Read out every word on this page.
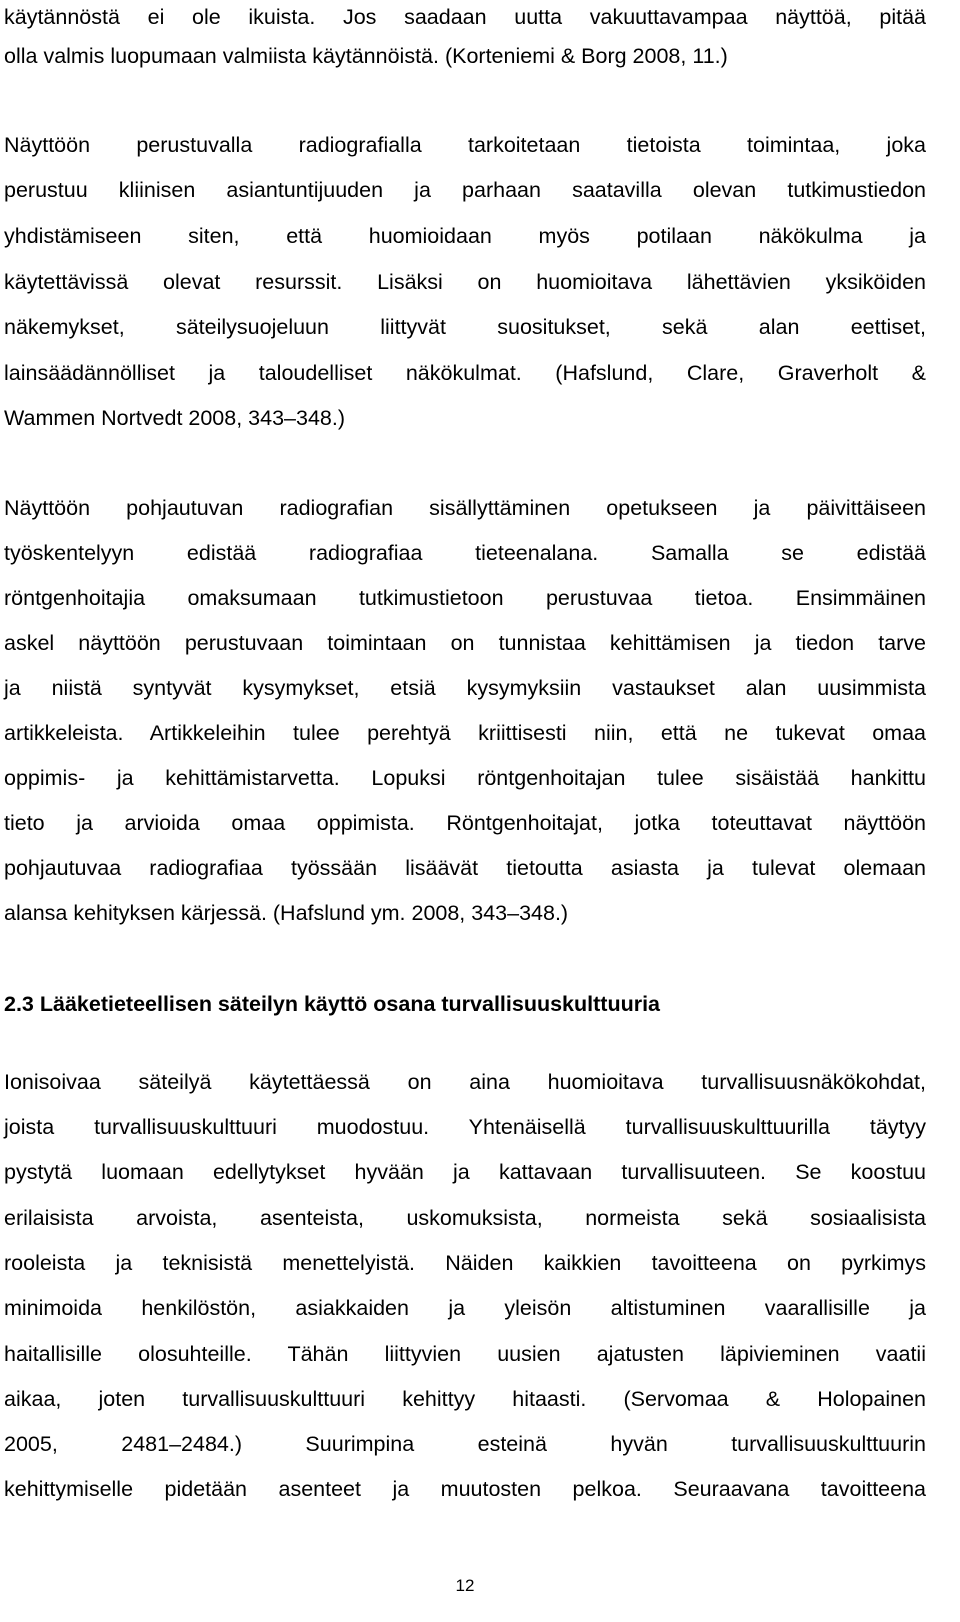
käytännöstä ei ole ikuista. Jos saadaan uutta vakuuttavampaa näyttöä, pitää
olla valmis luopumaan valmiista käytännöistä. (Korteniemi & Borg 2008, 11.)
Näyttöön perustuvalla radiografialla tarkoitetaan tietoista toimintaa, joka
perustuu kliinisen asiantuntijuuden ja parhaan saatavilla olevan tutkimustiedon
yhdistämiseen siten, että huomioidaan myös potilaan näkökulma ja
käytettävissä olevat resurssit. Lisäksi on huomioitava lähettävien yksiköiden
näkemykset, säteilysuojeluun liittyvät suositukset, sekä alan eettiset,
lainsäädännölliset ja taloudelliset näkökulmat. (Hafslund, Clare, Graverholt &
Wammen Nortvedt 2008, 343–348.)
Näyttöön pohjautuvan radiografian sisällyttäminen opetukseen ja päivittäiseen
työskentelyyn edistää radiografiaa tieteenalana. Samalla se edistää
röntgenhoitajia omaksumaan tutkimustietoon perustuvaa tietoa. Ensimmäinen
askel näyttöön perustuvaan toimintaan on tunnistaa kehittämisen ja tiedon tarve
ja niistä syntyvät kysymykset, etsiä kysymyksiin vastaukset alan uusimmista
artikkeleista. Artikkeleihin tulee perehtyä kriittisesti niin, että ne tukevat omaa
oppimis- ja kehittämistarvetta. Lopuksi röntgenhoitajan tulee sisäistää hankittu
tieto ja arvioida omaa oppimista. Röntgenhoitajat, jotka toteuttavat näyttöön
pohjautuvaa radiografiaa työssään lisäävät tietoutta asiasta ja tulevat olemaan
alansa kehityksen kärjessä. (Hafslund ym. 2008, 343–348.)
2.3 Lääketieteellisen säteilyn käyttö osana turvallisuuskulttuuria
Ionisoivaa säteilyä käytettäessä on aina huomioitava turvallisuusnäkökohdat,
joista turvallisuuskulttuuri muodostuu. Yhtenäisellä turvallisuuskulttuurilla täytyy
pystytä luomaan edellytykset hyvään ja kattavaan turvallisuuteen. Se koostuu
erilaisista arvoista, asenteista, uskomuksista, normeista sekä sosiaalisista
rooleista ja teknisistä menettelyistä. Näiden kaikkien tavoitteena on pyrkimys
minimoida henkilöstön, asiakkaiden ja yleisön altistuminen vaarallisille ja
haitallisille olosuhteille. Tähän liittyvien uusien ajatusten läpivieminen vaatii
aikaa, joten turvallisuuskulttuuri kehittyy hitaasti. (Servomaa & Holopainen
2005, 2481–2484.) Suurimpina esteinä hyvän turvallisuuskulttuurin
kehittymiselle pidetään asenteet ja muutosten pelkoa. Seuraavana tavoitteena
12
